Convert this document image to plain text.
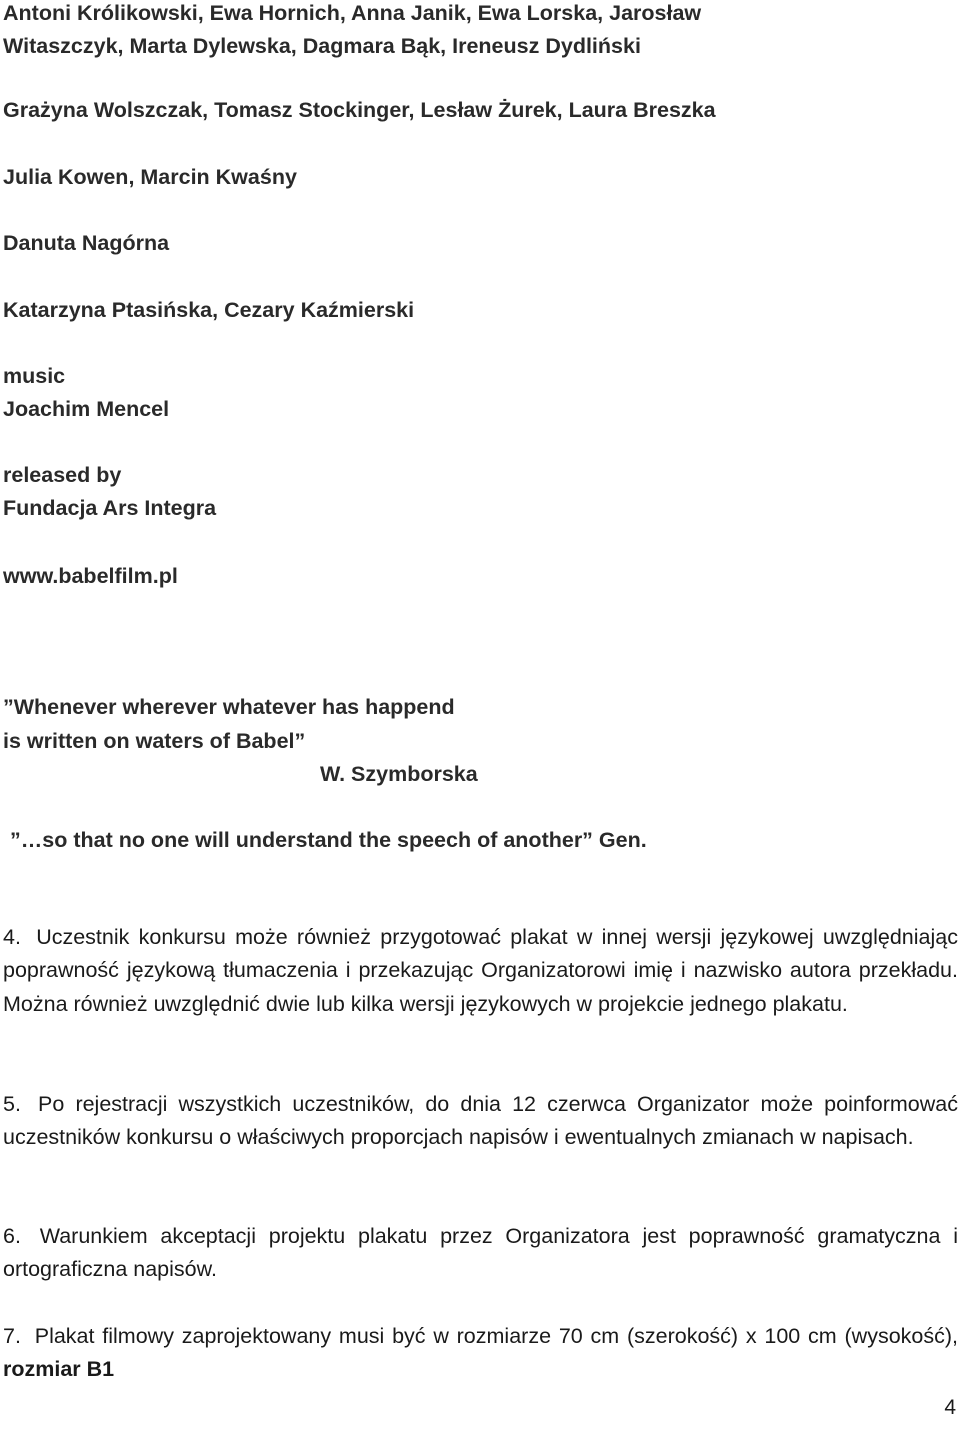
Antoni Królikowski, Ewa Hornich, Anna Janik, Ewa Lorska, Jarosław
Witaszczyk, Marta Dylewska, Dagmara Bąk, Ireneusz Dydliński
Grażyna Wolszczak, Tomasz Stockinger, Lesław Żurek, Laura Breszka
Julia Kowen, Marcin Kwaśny
Danuta Nagórna
Katarzyna Ptasińska, Cezary Kaźmierski
music
Joachim Mencel
released by
Fundacja Ars Integra
www.babelfilm.pl
”Whenever wherever whatever has happend
is written on waters of Babel”
W. Szymborska
”…so that no one will understand the speech of another” Gen.
4. Uczestnik konkursu może również przygotować plakat w innej wersji językowej uwzględniając poprawność językową tłumaczenia i przekazując Organizatorowi imię i nazwisko autora przekładu. Można również uwzględnić dwie lub kilka wersji językowych w projekcie jednego plakatu.
5. Po rejestracji wszystkich uczestników, do dnia 12 czerwca Organizator może poinformować uczestników konkursu o właściwych proporcjach napisów i ewentualnych zmianach w napisach.
6. Warunkiem akceptacji projektu plakatu przez Organizatora jest poprawność gramatyczna i ortograficzna napisów.
7. Plakat filmowy zaprojektowany musi być w rozmiarze 70 cm (szerokość) x 100 cm (wysokość), rozmiar B1
4
